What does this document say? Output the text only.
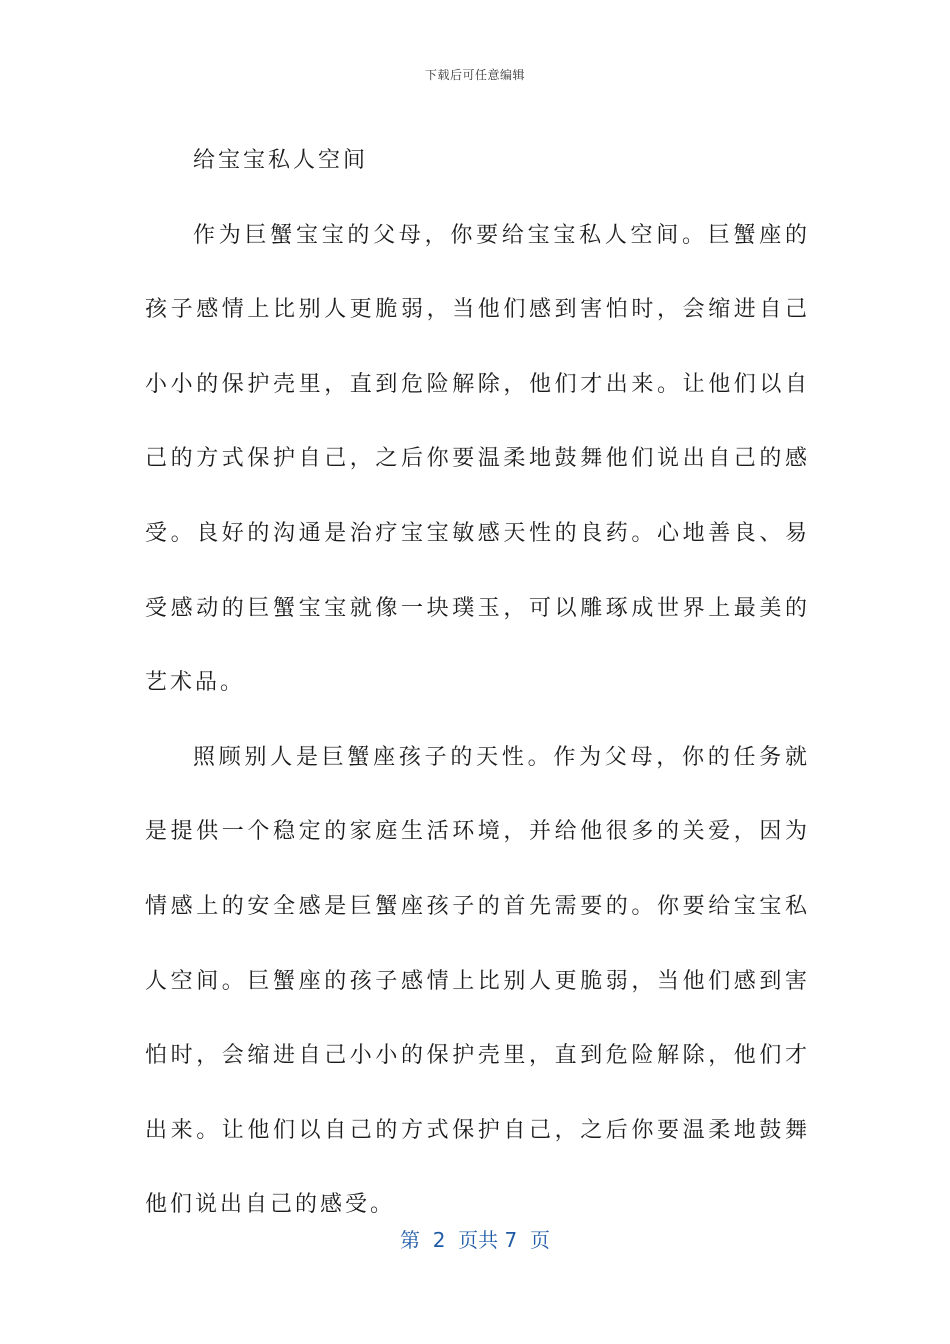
下载后可任意编辑

给宝宝私人空间

作为巨蟹宝宝的父母，你要给宝宝私人空间。巨蟹座的孩子感情上比别人更脆弱，当他们感到害怕时，会缩进自己小小的保护壳里，直到危险解除，他们才出来。让他们以自己的方式保护自己，之后你要温柔地鼓舞他们说出自己的感受。良好的沟通是治疗宝宝敏感天性的良药。心地善良、易受感动的巨蟹宝宝就像一块璞玉，可以雕琢成世界上最美的艺术品。

照顾别人是巨蟹座孩子的天性。作为父母，你的任务就是提供一个稳定的家庭生活环境，并给他很多的关爱，因为情感上的安全感是巨蟹座孩子的首先需要的。你要给宝宝私人空间。巨蟹座的孩子感情上比别人更脆弱，当他们感到害怕时，会缩进自己小小的保护壳里，直到危险解除，他们才出来。让他们以自己的方式保护自己，之后你要温柔地鼓舞他们说出自己的感受。

第  2  页共 7  页
